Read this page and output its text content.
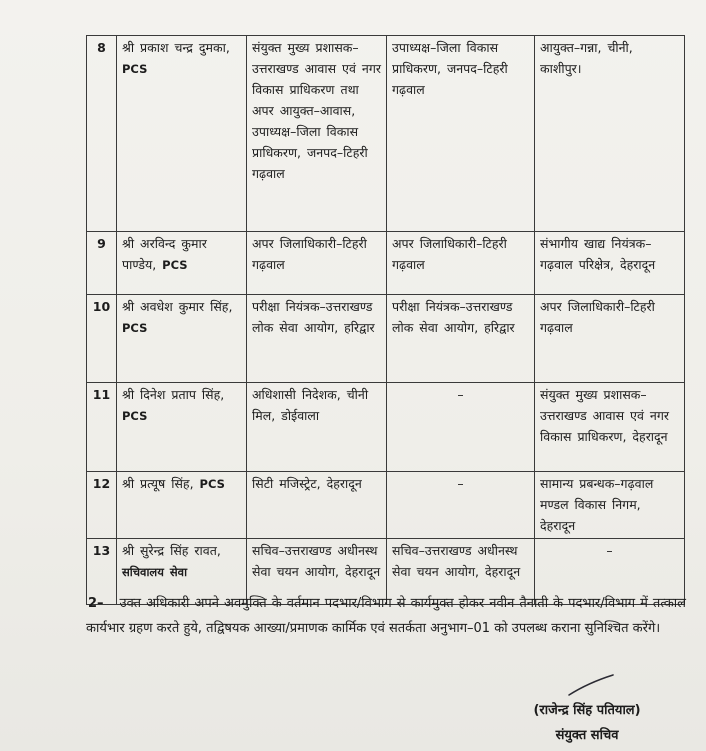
8	श्री प्रकाश चन्द्र दुमका, PCS	संयुक्त मुख्य प्रशासक–उत्तराखण्ड आवास एवं नगर विकास प्राधिकरण तथा अपर आयुक्त–आवास, उपाध्यक्ष–जिला विकास प्राधिकरण, जनपद–टिहरी गढ़वाल	उपाध्यक्ष–जिला विकास प्राधिकरण, जनपद–टिहरी गढ़वाल	आयुक्त–गन्ना, चीनी, काशीपुर।
9	श्री अरविन्द कुमार पाण्डेय, PCS	अपर जिलाधिकारी–टिहरी गढ़वाल	अपर जिलाधिकारी–टिहरी गढ़वाल	संभागीय खाद्य नियंत्रक–गढ़वाल परिक्षेत्र, देहरादून
10	श्री अवधेश कुमार सिंह, PCS	परीक्षा नियंत्रक–उत्तराखण्ड लोक सेवा आयोग, हरिद्वार	परीक्षा नियंत्रक–उत्तराखण्ड लोक सेवा आयोग, हरिद्वार	अपर जिलाधिकारी–टिहरी गढ़वाल
11	श्री दिनेश प्रताप सिंह, PCS	अधिशासी निदेशक, चीनी मिल, डोईवाला	–	संयुक्त मुख्य प्रशासक–उत्तराखण्ड आवास एवं नगर विकास प्राधिकरण, देहरादून
12	श्री प्रत्यूष सिंह, PCS	सिटी मजिस्ट्रेट, देहरादून	–	सामान्य प्रबन्धक–गढ़वाल मण्डल विकास निगम, देहरादून
13	श्री सुरेन्द्र सिंह रावत, सचिवालय सेवा	सचिव–उत्तराखण्ड अधीनस्थ सेवा चयन आयोग, देहरादून	सचिव–उत्तराखण्ड अधीनस्थ सेवा चयन आयोग, देहरादून	–
2– उक्त अधिकारी अपने अवमुक्ति के वर्तमान पदभार/विभाग से कार्यमुक्त होकर नवीन तैनाती के पदभार/विभाग में तत्काल कार्यभार ग्रहण करते हुये, तद्विषयक आख्या/प्रमाणक कार्मिक एवं सतर्कता अनुभाग–01 को उपलब्ध कराना सुनिश्चित करेंगे।
(राजेन्द्र सिंह पतियाल)
संयुक्त सचिव
